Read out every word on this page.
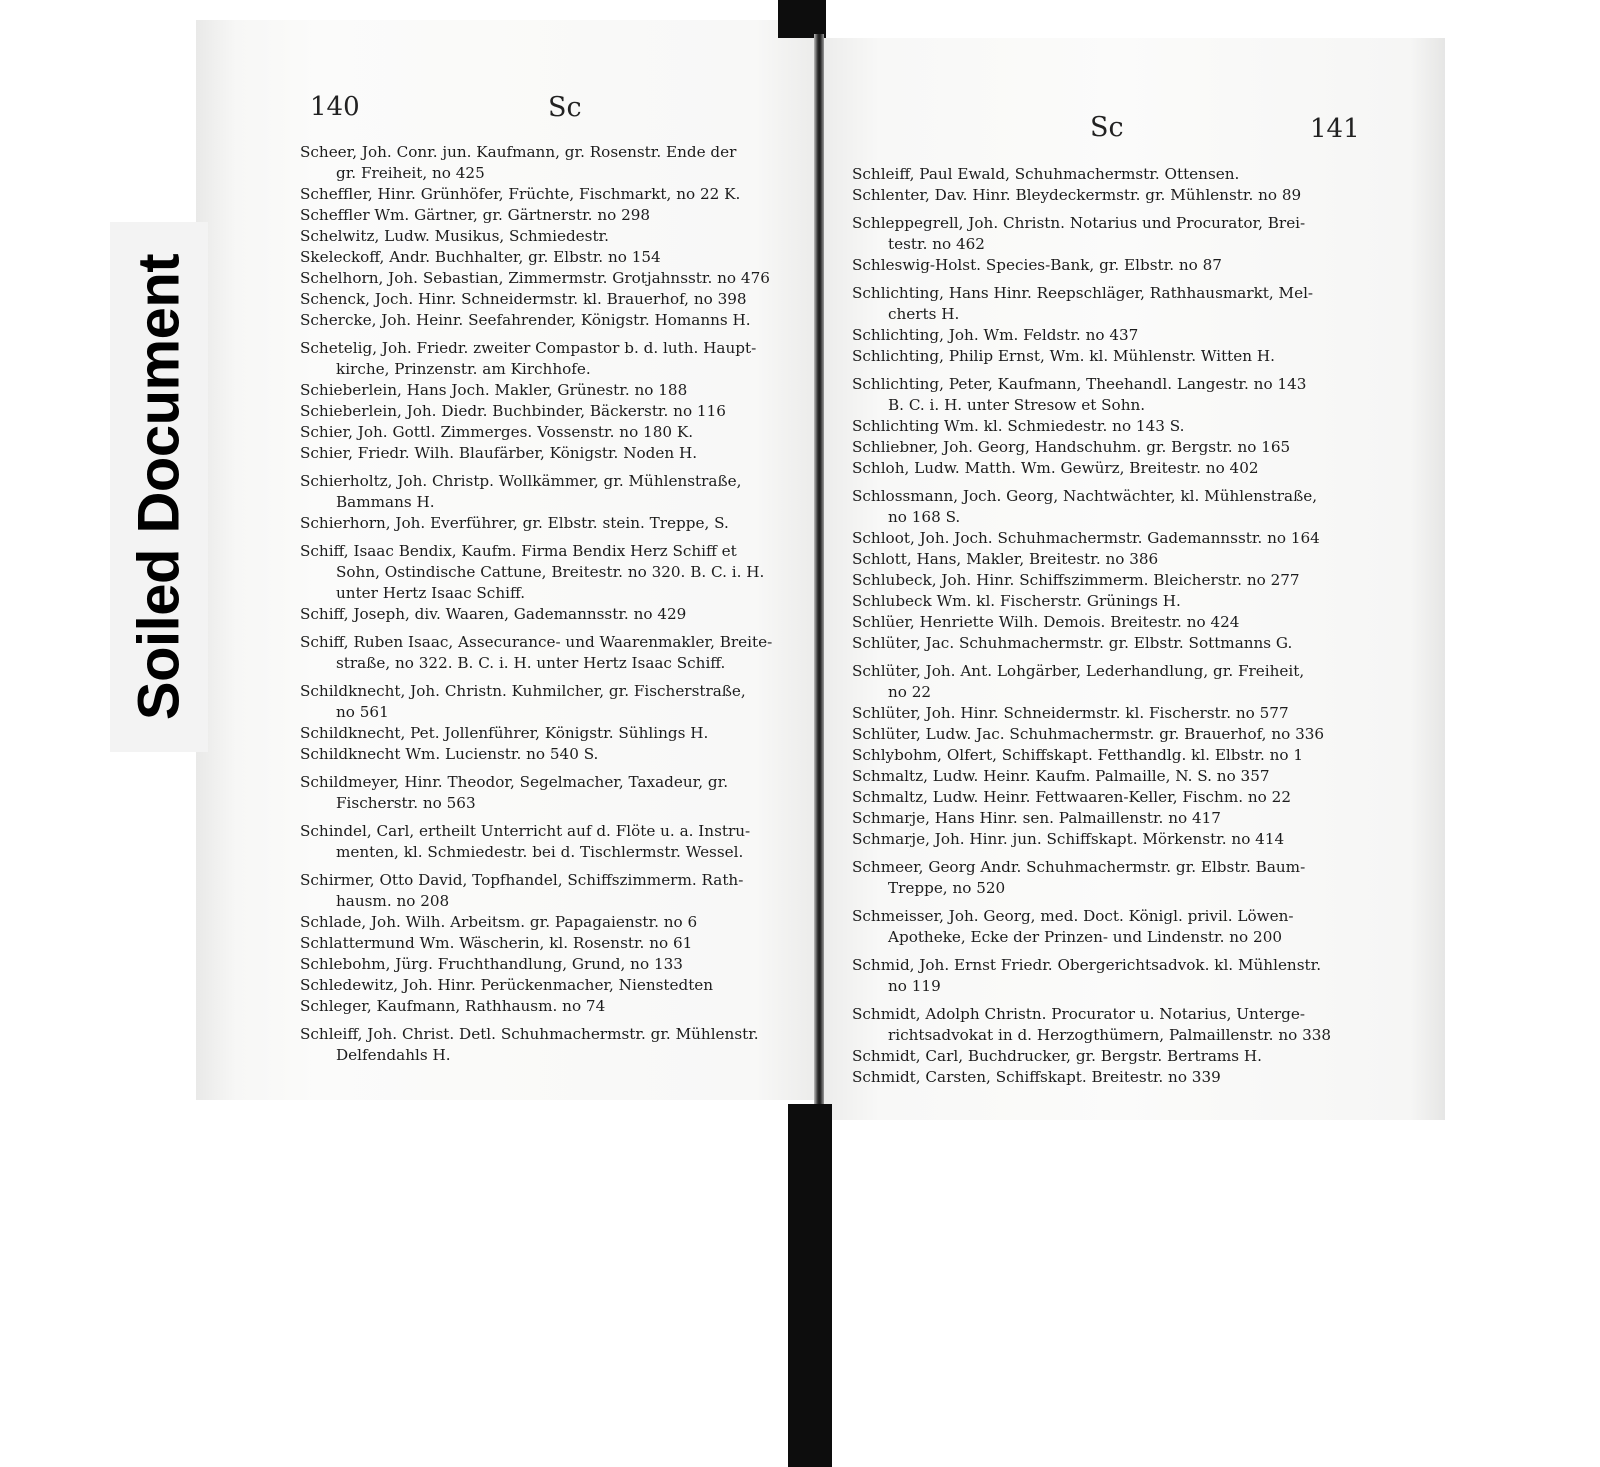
Soiled Document
140	Sc
Sc	141
Scheer, Joh. Conr. jun. Kaufmann, gr. Rosenstr. Ende der
gr. Freiheit, no 425
Scheffler, Hinr. Grünhöfer, Früchte, Fischmarkt, no 22 K.
Scheffler Wm. Gärtner, gr. Gärtnerstr. no 298
Schelwitz, Ludw. Musikus, Schmiedestr.
Skeleckoff, Andr. Buchhalter, gr. Elbstr. no 154
Schelhorn, Joh. Sebastian, Zimmermstr. Grotjahnsstr. no 476
Schenck, Joch. Hinr. Schneidermstr. kl. Brauerhof, no 398
Schercke, Joh. Heinr. Seefahrender, Königstr. Homanns H.
Schetelig, Joh. Friedr. zweiter Compastor b. d. luth. Haupt-
kirche, Prinzenstr. am Kirchhofe.
Schieberlein, Hans Joch. Makler, Grünestr. no 188
Schieberlein, Joh. Diedr. Buchbinder, Bäckerstr. no 116
Schier, Joh. Gottl. Zimmerges. Vossenstr. no 180 K.
Schier, Friedr. Wilh. Blaufärber, Königstr. Noden H.
Schierholtz, Joh. Christp. Wollkämmer, gr. Mühlenstraße,
Bammans H.
Schierhorn, Joh. Everführer, gr. Elbstr. stein. Treppe, S.
Schiff, Isaac Bendix, Kaufm. Firma Bendix Herz Schiff et
Sohn, Ostindische Cattune, Breitestr. no 320. B. C. i. H. unter Hertz Isaac Schiff.
Schiff, Joseph, div. Waaren, Gademannsstr. no 429
Schiff, Ruben Isaac, Assecurance- und Waarenmakler, Breite-
straße, no 322. B. C. i. H. unter Hertz Isaac Schiff.
Schildknecht, Joh. Christn. Kuhmilcher, gr. Fischerstraße,
no 561
Schildknecht, Pet. Jollenführer, Königstr. Sühlings H.
Schildknecht Wm. Lucienstr. no 540 S.
Schildmeyer, Hinr. Theodor, Segelmacher, Taxadeur, gr.
Fischerstr. no 563
Schindel, Carl, ertheilt Unterricht auf d. Flöte u. a. Instru-
menten, kl. Schmiedestr. bei d. Tischlermstr. Wessel.
Schirmer, Otto David, Topfhandel, Schiffszimmerm. Rath-
hausm. no 208
Schlade, Joh. Wilh. Arbeitsm. gr. Papagaienstr. no 6
Schlattermund Wm. Wäscherin, kl. Rosenstr. no 61
Schlebohm, Jürg. Fruchthandlung, Grund, no 133
Schledewitz, Joh. Hinr. Perückenmacher, Nienstedten
Schleger, Kaufmann, Rathhausm. no 74
Schleiff, Joh. Christ. Detl. Schuhmachermstr. gr. Mühlenstr.
Delfendahls H.
Schleiff, Paul Ewald, Schuhmachermstr. Ottensen.
Schlenter, Dav. Hinr. Bleydeckermstr. gr. Mühlenstr. no 89
Schleppegrell, Joh. Christn. Notarius und Procurator, Brei-
testr. no 462
Schleswig-Holst. Species-Bank, gr. Elbstr. no 87
Schlichting, Hans Hinr. Reepschläger, Rathhausmarkt, Mel-
cherts H.
Schlichting, Joh. Wm. Feldstr. no 437
Schlichting, Philip Ernst, Wm. kl. Mühlenstr. Witten H.
Schlichting, Peter, Kaufmann, Theehandl. Langestr. no 143
B. C. i. H. unter Stresow et Sohn.
Schlichting Wm. kl. Schmiedestr. no 143 S.
Schliebner, Joh. Georg, Handschuhm. gr. Bergstr. no 165
Schloh, Ludw. Matth. Wm. Gewürz, Breitestr. no 402
Schlossmann, Joch. Georg, Nachtwächter, kl. Mühlenstraße,
no 168 S.
Schloot, Joh. Joch. Schuhmachermstr. Gademannsstr. no 164
Schlott, Hans, Makler, Breitestr. no 386
Schlubeck, Joh. Hinr. Schiffszimmerm. Bleicherstr. no 277
Schlubeck Wm. kl. Fischerstr. Grünings H.
Schlüer, Henriette Wilh. Demois. Breitestr. no 424
Schlüter, Jac. Schuhmachermstr. gr. Elbstr. Sottmanns G.
Schlüter, Joh. Ant. Lohgärber, Lederhandlung, gr. Freiheit,
no 22
Schlüter, Joh. Hinr. Schneidermstr. kl. Fischerstr. no 577
Schlüter, Ludw. Jac. Schuhmachermstr. gr. Brauerhof, no 336
Schlybohm, Olfert, Schiffskapt. Fetthandlg. kl. Elbstr. no 1
Schmaltz, Ludw. Heinr. Kaufm. Palmaille, N. S. no 357
Schmaltz, Ludw. Heinr. Fettwaaren-Keller, Fischm. no 22
Schmarje, Hans Hinr. sen. Palmaillenstr. no 417
Schmarje, Joh. Hinr. jun. Schiffskapt. Mörkenstr. no 414
Schmeer, Georg Andr. Schuhmachermstr. gr. Elbstr. Baum-
Treppe, no 520
Schmeisser, Joh. Georg, med. Doct. Königl. privil. Löwen-
Apotheke, Ecke der Prinzen- und Lindenstr. no 200
Schmid, Joh. Ernst Friedr. Obergerichtsadvok. kl. Mühlenstr.
no 119
Schmidt, Adolph Christn. Procurator u. Notarius, Unterge-
richtsadvokat in d. Herzogthümern, Palmaillenstr. no 338
Schmidt, Carl, Buchdrucker, gr. Bergstr. Bertrams H.
Schmidt, Carsten, Schiffskapt. Breitestr. no 339
